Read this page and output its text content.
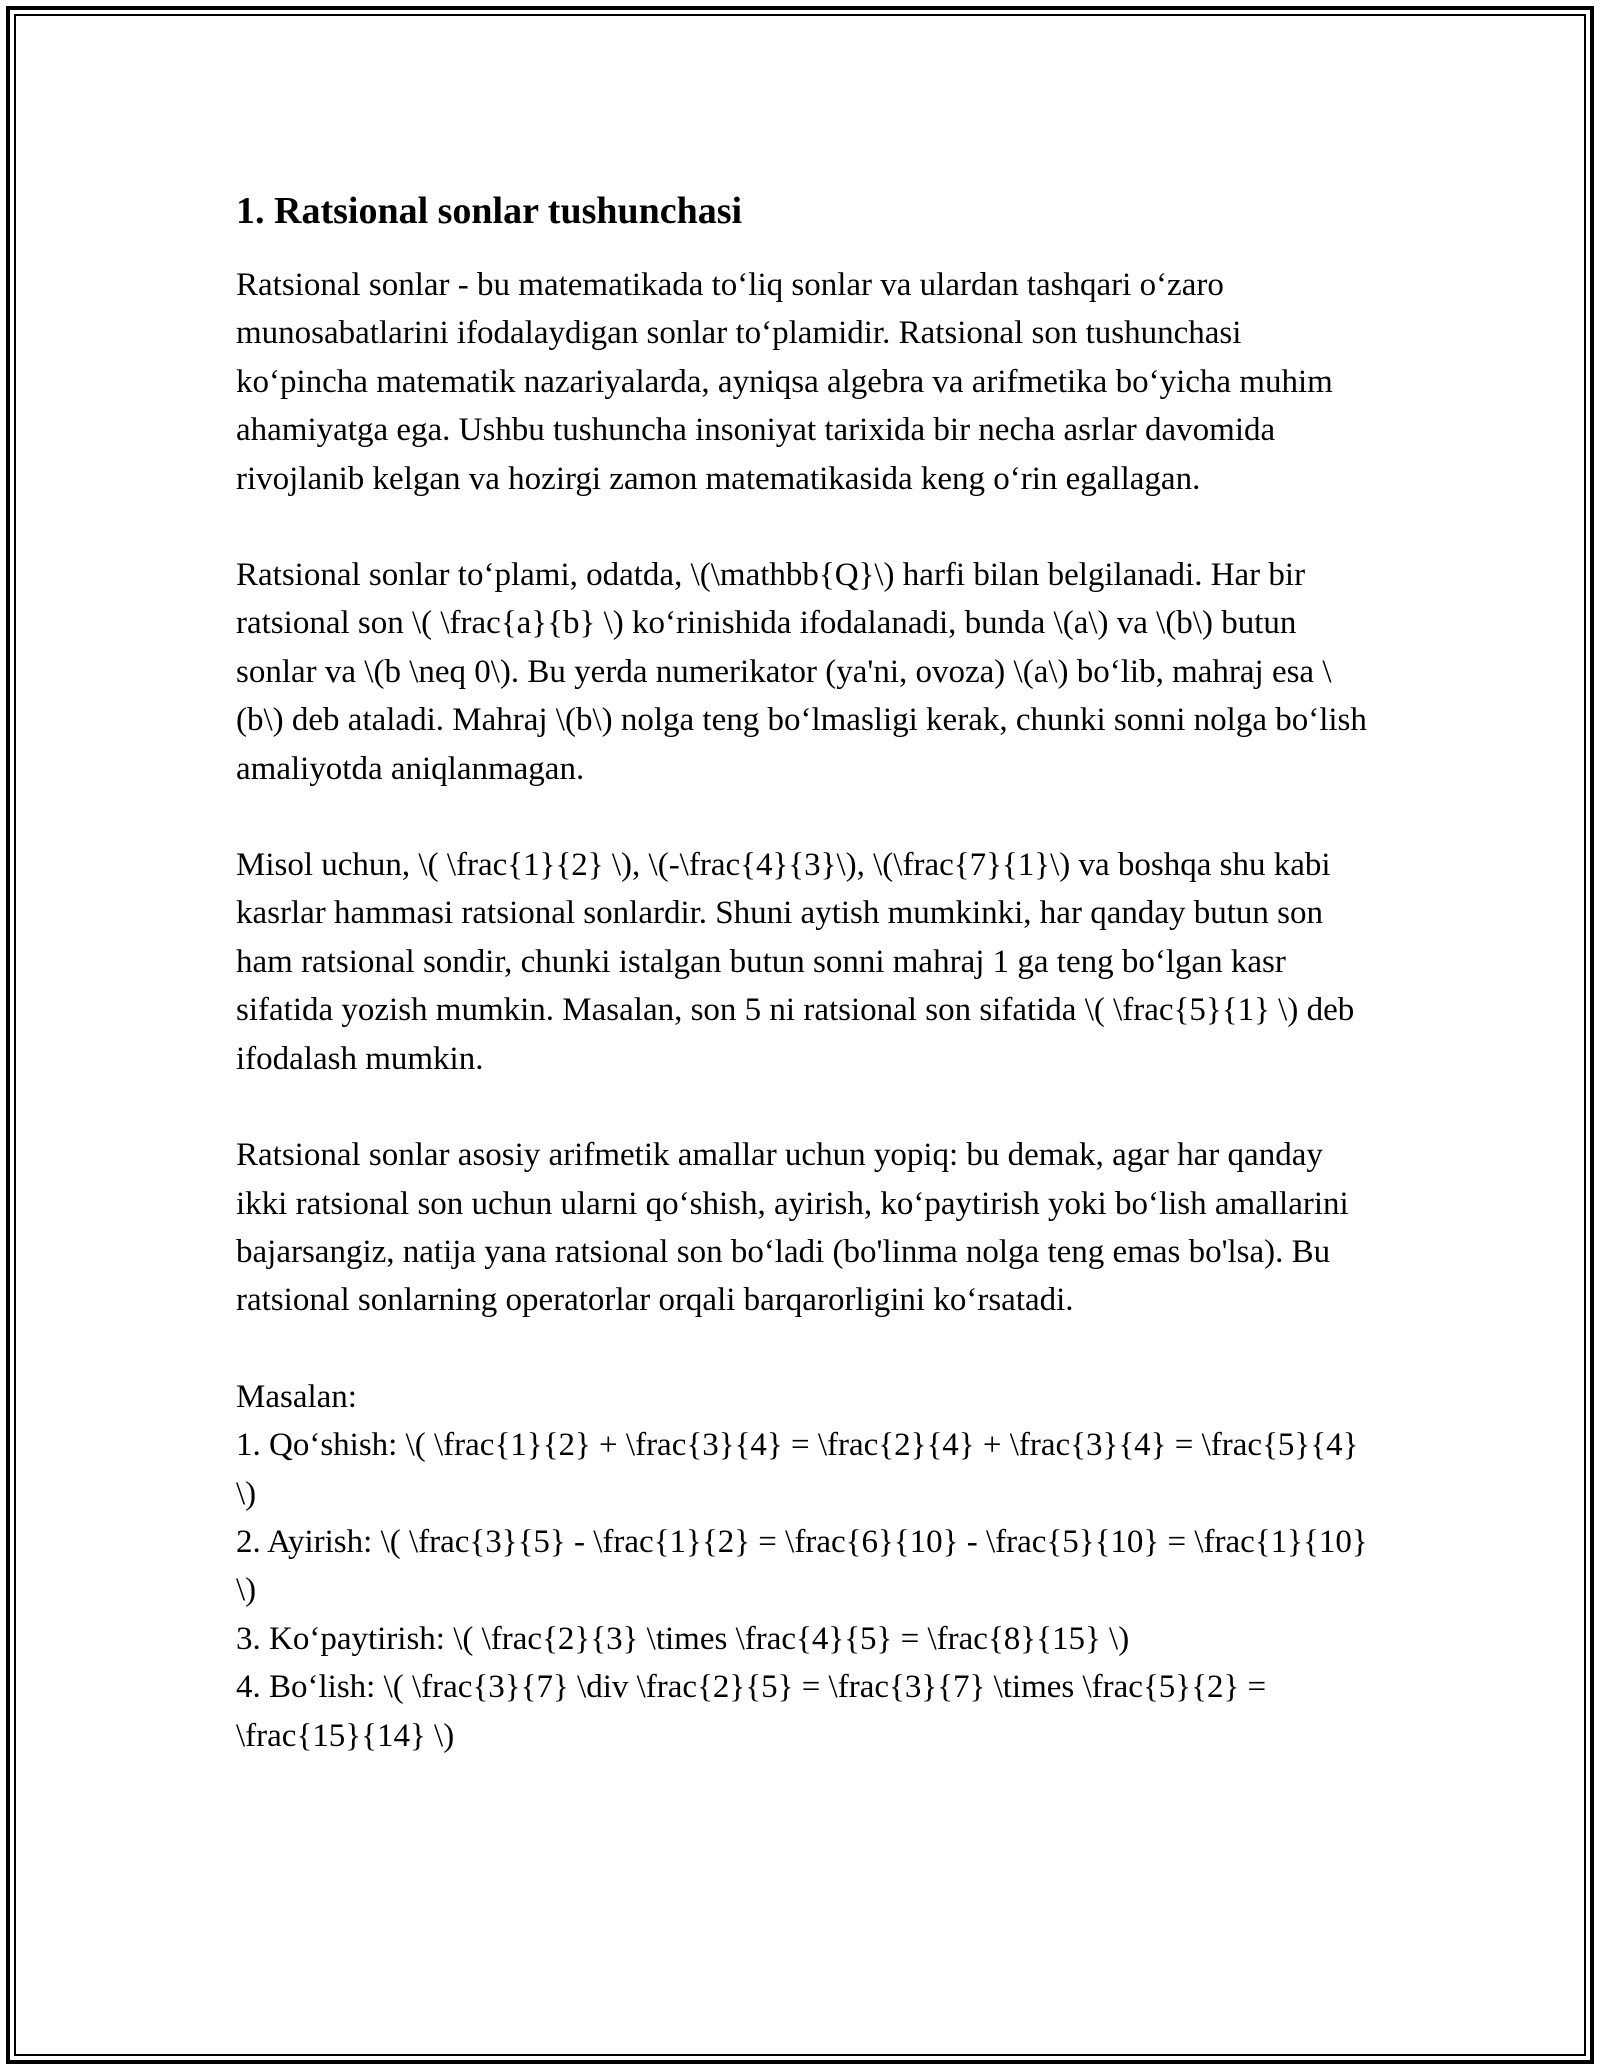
1. Ratsional sonlar tushunchasi

Ratsional sonlar - bu matematikada to‘liq sonlar va ulardan tashqari o‘zaro munosabatlarini ifodalaydigan sonlar to‘plamidir. Ratsional son tushunchasi ko‘pincha matematik nazariyalarda, ayniqsa algebra va arifmetika bo‘yicha muhim ahamiyatga ega. Ushbu tushuncha insoniyat tarixida bir necha asrlar davomida rivojlanib kelgan va hozirgi zamon matematikasida keng o‘rin egallagan.

Ratsional sonlar to‘plami, odatda, \(\mathbb{Q}\) harfi bilan belgilanadi. Har bir ratsional son \( \frac{a}{b} \) ko‘rinishida ifodalanadi, bunda \(a\) va \(b\) butun sonlar va \(b \neq 0\). Bu yerda numerikator (ya'ni, ovoza) \(a\) bo‘lib, mahraj esa \(b\) deb ataladi. Mahraj \(b\) nolga teng bo‘lmasligi kerak, chunki sonni nolga bo‘lish amaliyotda aniqlanmagan.

Misol uchun, \( \frac{1}{2} \), \(-\frac{4}{3}\), \(\frac{7}{1}\) va boshqa shu kabi kasrlar hammasi ratsional sonlardir. Shuni aytish mumkinki, har qanday butun son ham ratsional sondir, chunki istalgan butun sonni mahraj 1 ga teng bo‘lgan kasr sifatida yozish mumkin. Masalan, son 5 ni ratsional son sifatida \( \frac{5}{1} \) deb ifodalash mumkin.

Ratsional sonlar asosiy arifmetik amallar uchun yopiq: bu demak, agar har qanday ikki ratsional son uchun ularni qo‘shish, ayirish, ko‘paytirish yoki bo‘lish amallarini bajarsangiz, natija yana ratsional son bo‘ladi (bo'linma nolga teng emas bo'lsa). Bu ratsional sonlarning operatorlar orqali barqarorligini ko‘rsatadi.

Masalan:
1. Qo‘shish: \( \frac{1}{2} + \frac{3}{4} = \frac{2}{4} + \frac{3}{4} = \frac{5}{4} \)
2. Ayirish: \( \frac{3}{5} - \frac{1}{2} = \frac{6}{10} - \frac{5}{10} = \frac{1}{10} \)
3. Ko‘paytirish: \( \frac{2}{3} \times \frac{4}{5} = \frac{8}{15} \)
4. Bo‘lish: \( \frac{3}{7} \div \frac{2}{5} = \frac{3}{7} \times \frac{5}{2} = \frac{15}{14} \)
